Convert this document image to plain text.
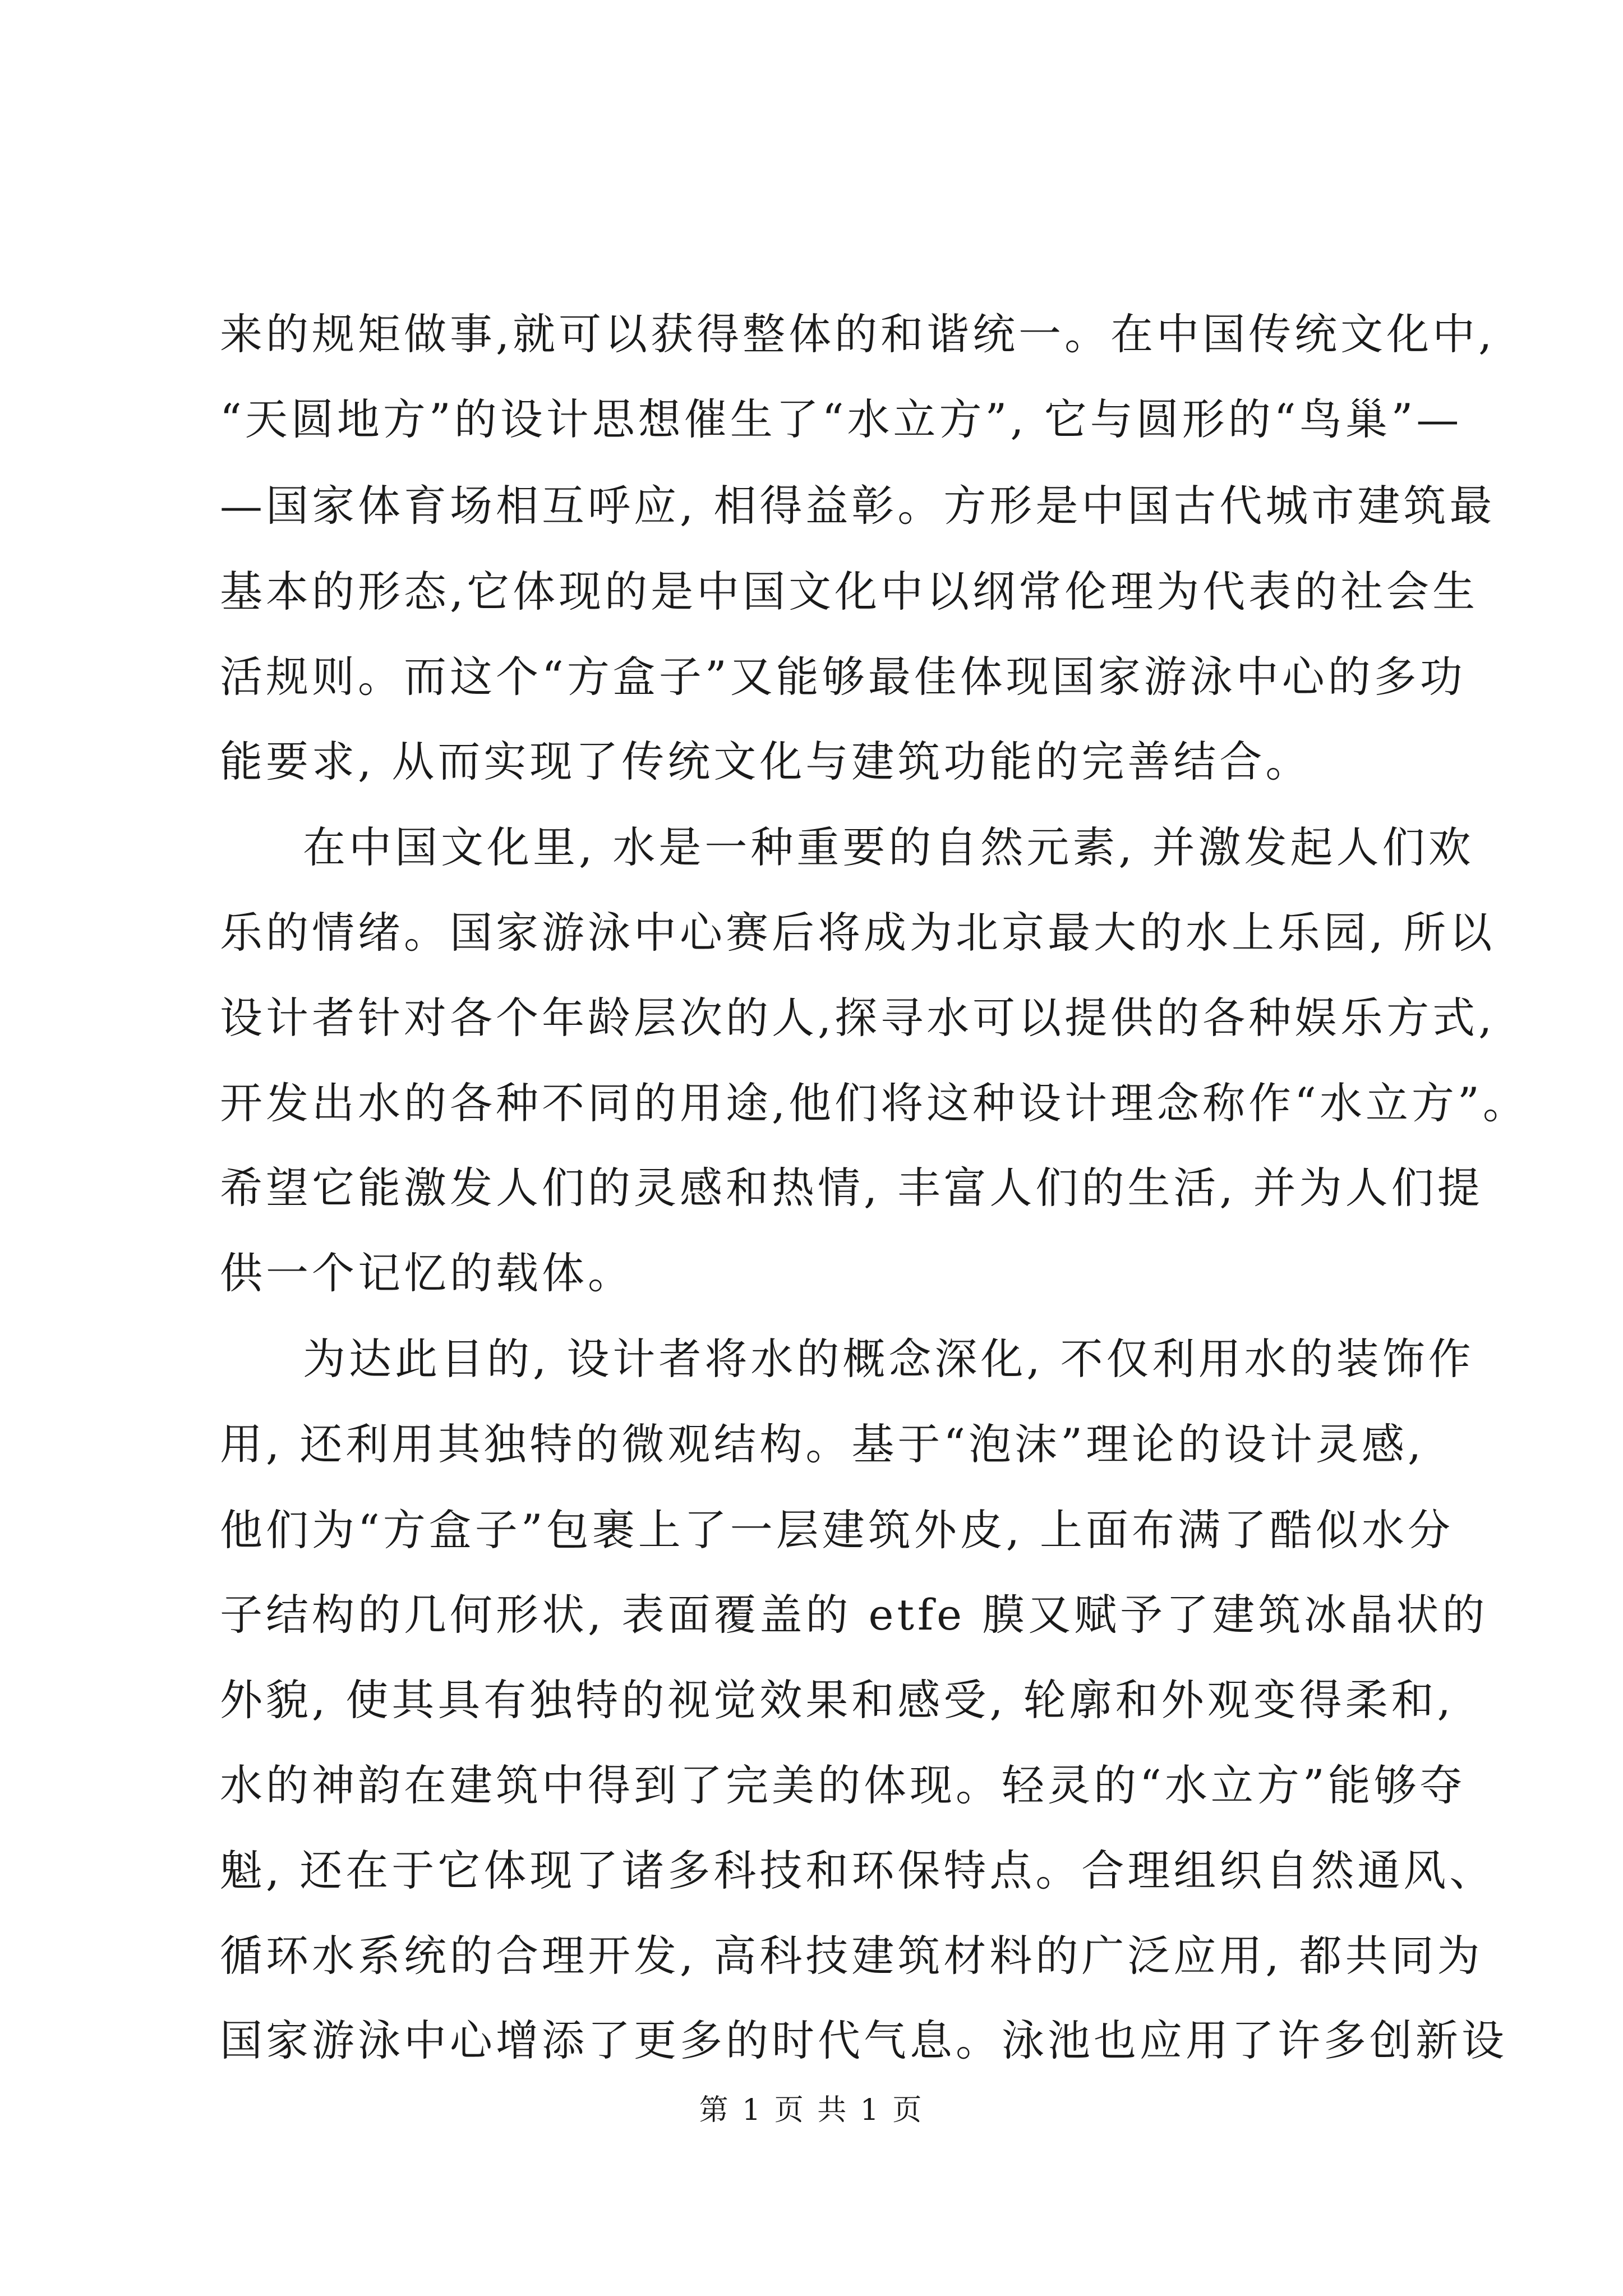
来的规矩做事,就可以获得整体的和谐统一。在中国传统文化中,
“天圆地方”的设计思想催生了“水立方”, 它与圆形的“鸟巢”—
—国家体育场相互呼应, 相得益彰。方形是中国古代城市建筑最
基本的形态,它体现的是中国文化中以纲常伦理为代表的社会生
活规则。而这个“方盒子”又能够最佳体现国家游泳中心的多功
能要求, 从而实现了传统文化与建筑功能的完善结合。
在中国文化里, 水是一种重要的自然元素, 并激发起人们欢
乐的情绪。国家游泳中心赛后将成为北京最大的水上乐园, 所以
设计者针对各个年龄层次的人,探寻水可以提供的各种娱乐方式,
开发出水的各种不同的用途,他们将这种设计理念称作“水立方”。
希望它能激发人们的灵感和热情, 丰富人们的生活, 并为人们提
供一个记忆的载体。
为达此目的, 设计者将水的概念深化, 不仅利用水的装饰作
用, 还利用其独特的微观结构。基于“泡沫”理论的设计灵感,
他们为“方盒子”包裹上了一层建筑外皮, 上面布满了酷似水分
子结构的几何形状, 表面覆盖的 etfe 膜又赋予了建筑冰晶状的
外貌, 使其具有独特的视觉效果和感受, 轮廓和外观变得柔和,
水的神韵在建筑中得到了完美的体现。轻灵的“水立方”能够夺
魁, 还在于它体现了诸多科技和环保特点。合理组织自然通风、
循环水系统的合理开发, 高科技建筑材料的广泛应用, 都共同为
国家游泳中心增添了更多的时代气息。泳池也应用了许多创新设
第 1 页 共 1 页
